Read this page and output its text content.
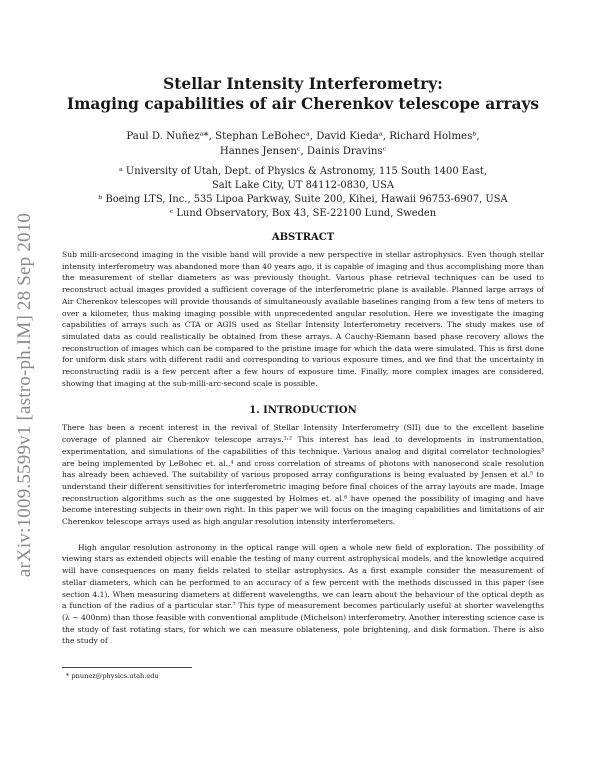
arXiv:1009.5599v1 [astro-ph.IM] 28 Sep 2010
Stellar Intensity Interferometry:
Imaging capabilities of air Cherenkov telescope arrays
Paul D. Nuñezᵃ*, Stephan LeBohecᵃ, David Kiedaᵃ, Richard Holmesᵇ,
Hannes Jensenᶜ, Dainis Dravinsᶜ
ᵃ University of Utah, Dept. of Physics & Astronomy, 115 South 1400 East,
Salt Lake City, UT 84112-0830, USA
ᵇ Boeing LTS, Inc., 535 Lipoa Parkway, Suite 200, Kihei, Hawaii 96753-6907, USA
ᶜ Lund Observatory, Box 43, SE-22100 Lund, Sweden
ABSTRACT

Sub milli-arcsecond imaging in the visible band will provide a new perspective in stellar astrophysics. Even though stellar intensity interferometry was abandoned more than 40 years ago, it is capable of imaging and thus accomplishing more than the measurement of stellar diameters as was previously thought. Various phase retrieval techniques can be used to reconstruct actual images provided a sufficient coverage of the interferometric plane is available. Planned large arrays of Air Cherenkov telescopes will provide thousands of simultaneously available baselines ranging from a few tens of meters to over a kilometer, thus making imaging possible with unprecedented angular resolution. Here we investigate the imaging capabilities of arrays such as CTA or AGIS used as Stellar Intensity Interferometry receivers. The study makes use of simulated data as could realistically be obtained from these arrays. A Cauchy-Riemann based phase recovery allows the reconstruction of images which can be compared to the pristine image for which the data were simulated. This is first done for uniform disk stars with different radii and corresponding to various exposure times, and we find that the uncertainty in reconstructing radii is a few percent after a few hours of exposure time. Finally, more complex images are considered, showing that imaging at the sub-milli-arc-second scale is possible.

1. INTRODUCTION

There has been a recent interest in the revival of Stellar Intensity Interferometry (SII) due to the excellent baseline coverage of planned air Cherenkov telescope arrays.¹˒² This interest has lead to developments in instrumentation, experimentation, and simulations of the capabilities of this technique. Various analog and digital correlator technologies³ are being implemented by LeBohec et. al.,⁴ and cross correlation of streams of photons with nanosecond scale resolution has already been achieved. The suitability of various proposed array configurations is being evaluated by Jensen et al.⁵ to understand their different sensitivities for interferometric imaging before final choices of the array layouts are made. Image reconstruction algorithms such as the one suggested by Holmes et. al.⁶ have opened the possibility of imaging and have become interesting subjects in their own right. In this paper we will focus on the imaging capabilities and limitations of air Cherenkov telescope arrays used as high angular resolution intensity interferometers.

High angular resolution astronomy in the optical range will open a whole new field of exploration. The possibility of viewing stars as extended objects will enable the testing of many current astrophysical models, and the knowledge acquired will have consequences on many fields related to stellar astrophysics. As a first example consider the measurement of stellar diameters, which can be performed to an accuracy of a few percent with the methods discussed in this paper (see section 4.1). When measuring diameters at different wavelengths, we can learn about the behaviour of the optical depth as a function of the radius of a particular star.⁷ This type of measurement becomes particularly useful at shorter wavelengths (λ ∼ 400nm) than those feasible with conventional amplitude (Michelson) interferometry. Another interesting science case is the study of fast rotating stars, for which we can measure oblateness, pole brightening, and disk formation. There is also the study of

* pnunez@physics.utah.edu
